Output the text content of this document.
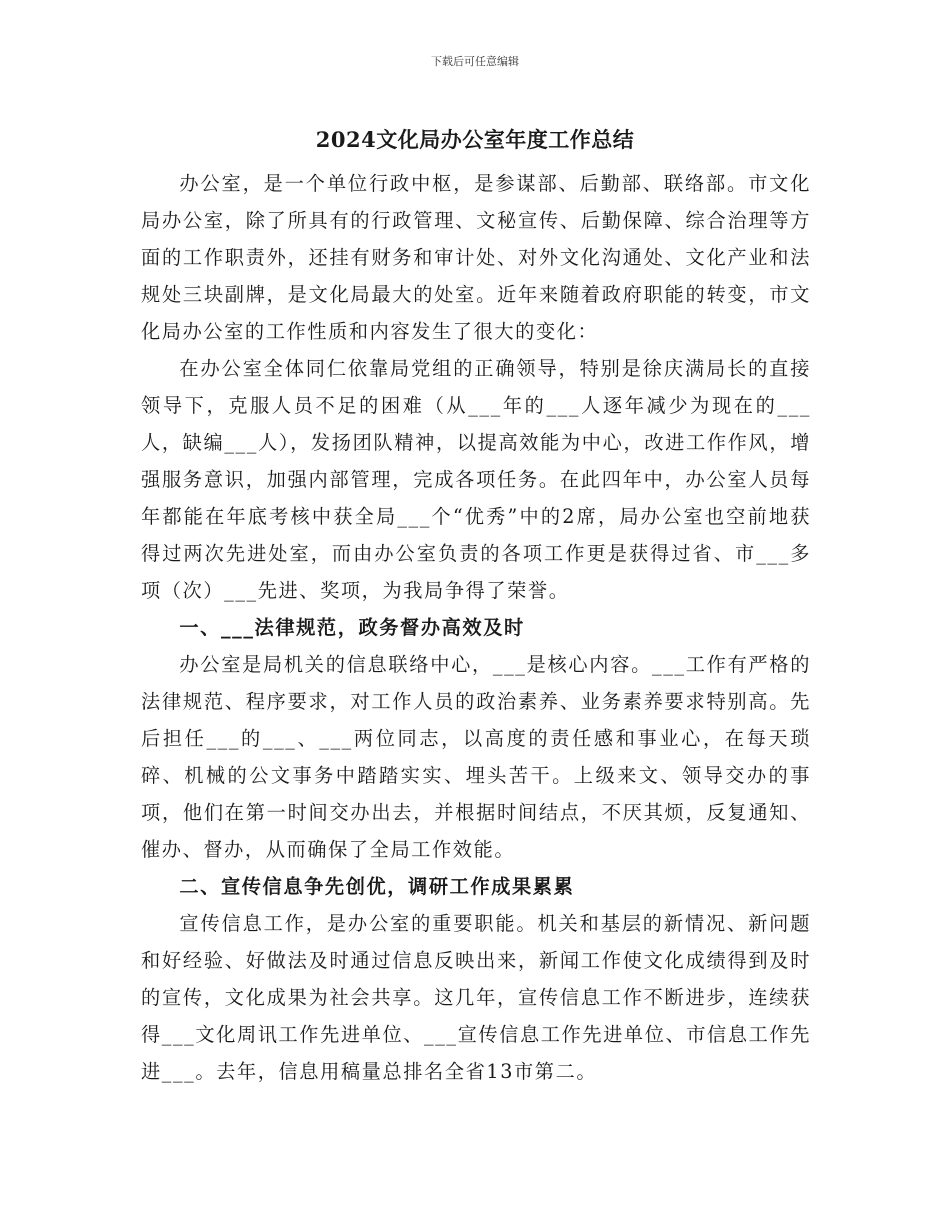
下载后可任意编辑
2024文化局办公室年度工作总结

办公室，是一个单位行政中枢，是参谋部、后勤部、联络部。市文化局办公室，除了所具有的行政管理、文秘宣传、后勤保障、综合治理等方面的工作职责外，还挂有财务和审计处、对外文化沟通处、文化产业和法规处三块副牌，是文化局最大的处室。近年来随着政府职能的转变，市文化局办公室的工作性质和内容发生了很大的变化：

在办公室全体同仁依靠局党组的正确领导，特别是徐庆满局长的直接领导下，克服人员不足的困难（从___年的___人逐年减少为现在的___人，缺编___人），发扬团队精神，以提高效能为中心，改进工作作风，增强服务意识，加强内部管理，完成各项任务。在此四年中，办公室人员每年都能在年底考核中获全局___个“优秀”中的2席，局办公室也空前地获得过两次先进处室，而由办公室负责的各项工作更是获得过省、市___多项（次）___先进、奖项，为我局争得了荣誉。

一、___法律规范，政务督办高效及时

办公室是局机关的信息联络中心，___是核心内容。___工作有严格的法律规范、程序要求，对工作人员的政治素养、业务素养要求特别高。先后担任___的___、___两位同志，以高度的责任感和事业心，在每天琐碎、机械的公文事务中踏踏实实、埋头苦干。上级来文、领导交办的事项，他们在第一时间交办出去，并根据时间结点，不厌其烦，反复通知、催办、督办，从而确保了全局工作效能。

二、宣传信息争先创优，调研工作成果累累

宣传信息工作，是办公室的重要职能。机关和基层的新情况、新问题和好经验、好做法及时通过信息反映出来，新闻工作使文化成绩得到及时的宣传，文化成果为社会共享。这几年，宣传信息工作不断进步，连续获得___文化周讯工作先进单位、___宣传信息工作先进单位、市信息工作先进___。去年，信息用稿量总排名全省13市第二。
